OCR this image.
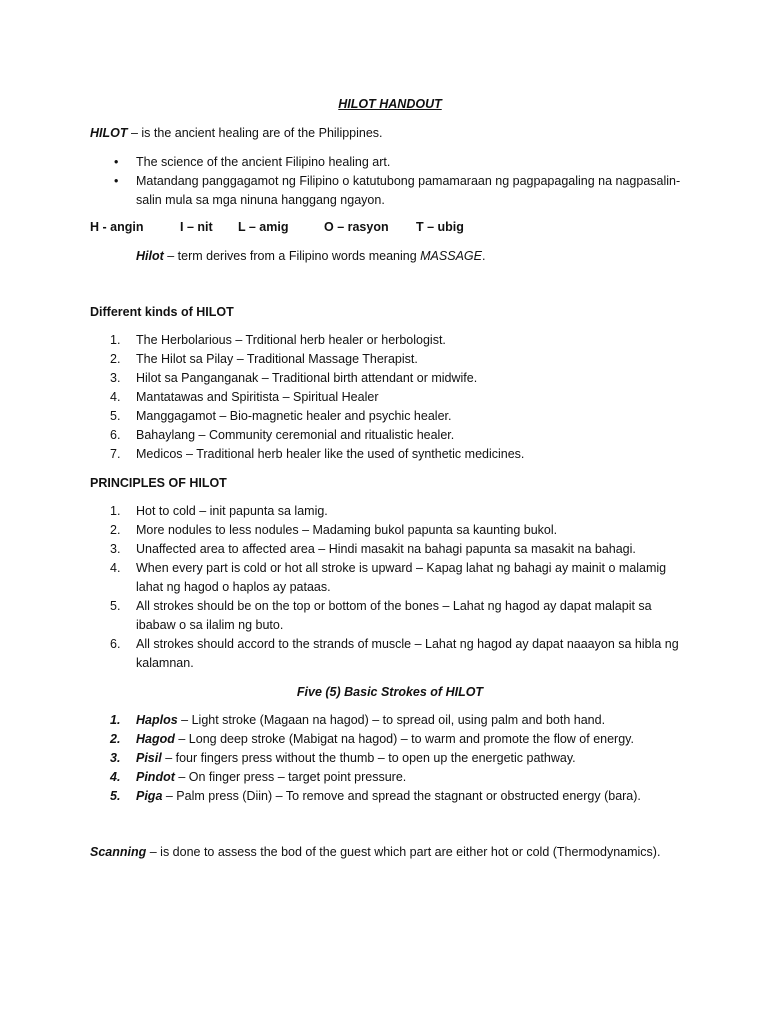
HILOT HANDOUT

HILOT – is the ancient healing are of the Philippines.

• The science of the ancient Filipino healing art.
• Matandang panggagamot ng Filipino o katutubong pamamaraan ng pagpapagaling na nagpasalin-salin mula sa mga ninuna hanggang ngayon.
H - angin	I – nit	L – amig	O – rasyon	T – ubig

Hilot – term derives from a Filipino words meaning MASSAGE.

Different kinds of HILOT

1. The Herbolarious – Trditional herb healer or herbologist.
2. The Hilot sa Pilay – Traditional Massage Therapist.
3. Hilot sa Panganganak – Traditional birth attendant or midwife.
4. Mantatawas and Spiritista – Spiritual Healer
5. Manggagamot – Bio-magnetic healer and psychic healer.
6. Bahaylang – Community ceremonial and ritualistic healer.
7. Medicos – Traditional herb healer like the used of synthetic medicines.

PRINCIPLES OF HILOT

1. Hot to cold – init papunta sa lamig.
2. More nodules to less nodules – Madaming bukol papunta sa kaunting bukol.
3. Unaffected area to affected area – Hindi masakit na bahagi papunta sa masakit na bahagi.
4. When every part is cold or hot all stroke is upward – Kapag lahat ng bahagi ay mainit o malamig lahat ng hagod o haplos ay pataas.
5. All strokes should be on the top or bottom of the bones – Lahat ng hagod ay dapat malapit sa ibabaw o sa ilalim ng buto.
6. All strokes should accord to the strands of muscle – Lahat ng hagod ay dapat naaayon sa hibla ng kalamnan.

Five (5) Basic Strokes of HILOT

1. Haplos – Light stroke (Magaan na hagod) – to spread oil, using palm and both hand.
2. Hagod – Long deep stroke (Mabigat na hagod) – to warm and promote the flow of energy.
3. Pisil – four fingers press without the thumb – to open up the energetic pathway.
4. Pindot – On finger press – target point pressure.
5. Piga – Palm press (Diin) – To remove and spread the stagnant or obstructed energy (bara).

Scanning – is done to assess the bod of the guest which part are either hot or cold (Thermodynamics).
